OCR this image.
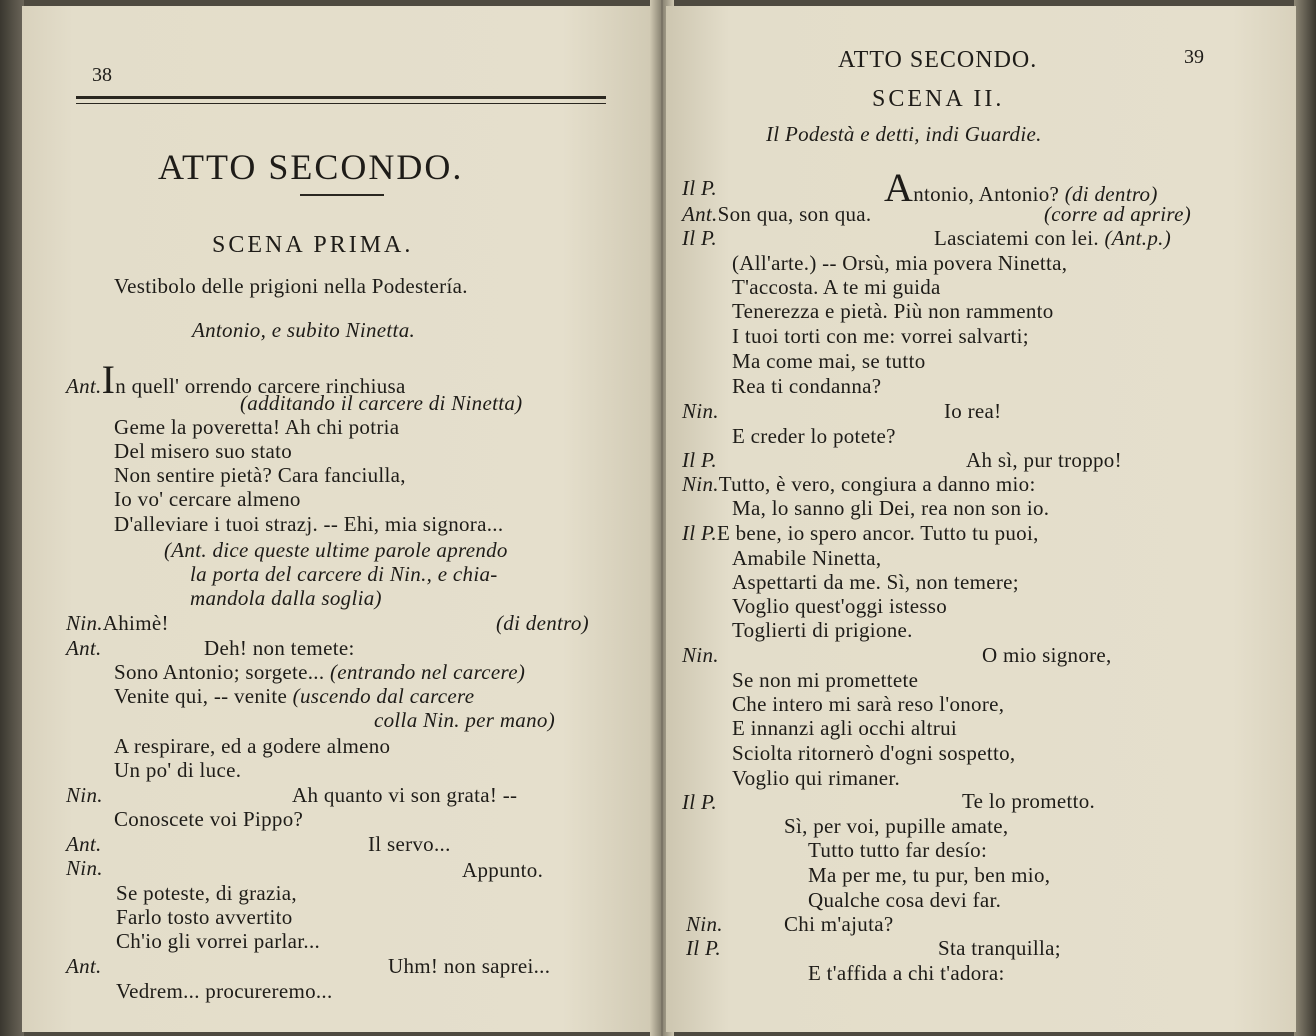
38
ATTO SECONDO.
SCENA PRIMA.
Vestibolo delle prigioni nella Podestería.
Antonio, e subito Ninetta.
Ant.In quell' orrendo carcere rinchiusa
(additando il carcere di Ninetta)
Geme la poveretta! Ah chi potria
Del misero suo stato
Non sentire pietà? Cara fanciulla,
Io vo' cercare almeno
D'alleviare i tuoi strazj. -- Ehi, mia signora...
(Ant. dice queste ultime parole aprendo
la porta del carcere di Nin., e chia-
mandola dalla soglia)
Nin.Ahimè!	(di dentro)
Ant.	Deh! non temete:
Sono Antonio; sorgete... (entrando nel carcere)
Venite qui, -- venite (uscendo dal carcere
colla Nin. per mano)
A respirare, ed a godere almeno
Un po' di luce.
Nin.	Ah quanto vi son grata! --
Conoscete voi Pippo?
Ant.	Il servo...
Nin.	Appunto.
Se poteste, di grazia,
Farlo tosto avvertito
Ch'io gli vorrei parlar...
Ant.	Uhm! non saprei...
Vedrem... procureremo...
ATTO SECONDO.	39
SCENA II.
Il Podestà e detti, indi Guardie.
Il P.	Antonio, Antonio? (di dentro)
Ant.Son qua, son qua.	(corre ad aprire)
Il P.	Lasciatemi con lei. (Ant.p.)
(All'arte.) -- Orsù, mia povera Ninetta,
T'accosta. A te mi guida
Tenerezza e pietà. Più non rammento
I tuoi torti con me: vorrei salvarti;
Ma come mai, se tutto
Rea ti condanna?
Nin.	Io rea!
E creder lo potete?
Il P.	Ah sì, pur troppo!
Nin.Tutto, è vero, congiura a danno mio:
Ma, lo sanno gli Dei, rea non son io.
Il P.E bene, io spero ancor. Tutto tu puoi,
Amabile Ninetta,
Aspettarti da me. Sì, non temere;
Voglio quest'oggi istesso
Toglierti di prigione.
Nin.	O mio signore,
Se non mi promettete
Che intero mi sarà reso l'onore,
E innanzi agli occhi altrui
Sciolta ritornerò d'ogni sospetto,
Voglio qui rimaner.
Il P.	Te lo prometto.
Sì, per voi, pupille amate,
Tutto tutto far desío:
Ma per me, tu pur, ben mio,
Qualche cosa devi far.
Nin.	Chi m'ajuta?
Il P.	Sta tranquilla;
E t'affida a chi t'adora:
